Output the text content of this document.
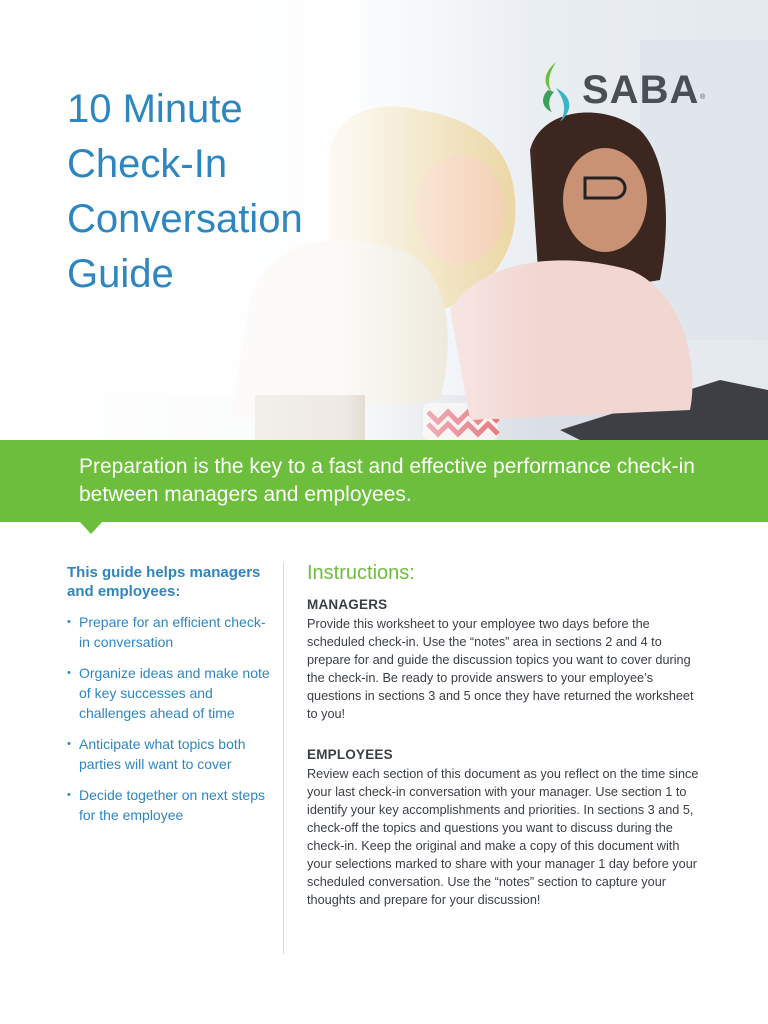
10 Minute
Check-In
Conversation
Guide
SABA ®

Preparation is the key to a fast and effective performance check-in between managers and employees.

This guide helps managers and employees:
• Prepare for an efficient check-in conversation
• Organize ideas and make note of key successes and challenges ahead of time
• Anticipate what topics both parties will want to cover
• Decide together on next steps for the employee
Instructions:
MANAGERS

Provide this worksheet to your employee two days before the scheduled check-in. Use the “notes” area in sections 2 and 4 to prepare for and guide the discussion topics you want to cover during the check-in. Be ready to provide answers to your employee’s questions in sections 3 and 5 once they have returned the worksheet to you!

EMPLOYEES

Review each section of this document as you reflect on the time since your last check-in conversation with your manager. Use section 1 to identify your key accomplishments and priorities. In sections 3 and 5, check-off the topics and questions you want to discuss during the check-in. Keep the original and make a copy of this document with your selections marked to share with your manager 1 day before your scheduled conversation. Use the “notes” section to capture your thoughts and prepare for your discussion!
